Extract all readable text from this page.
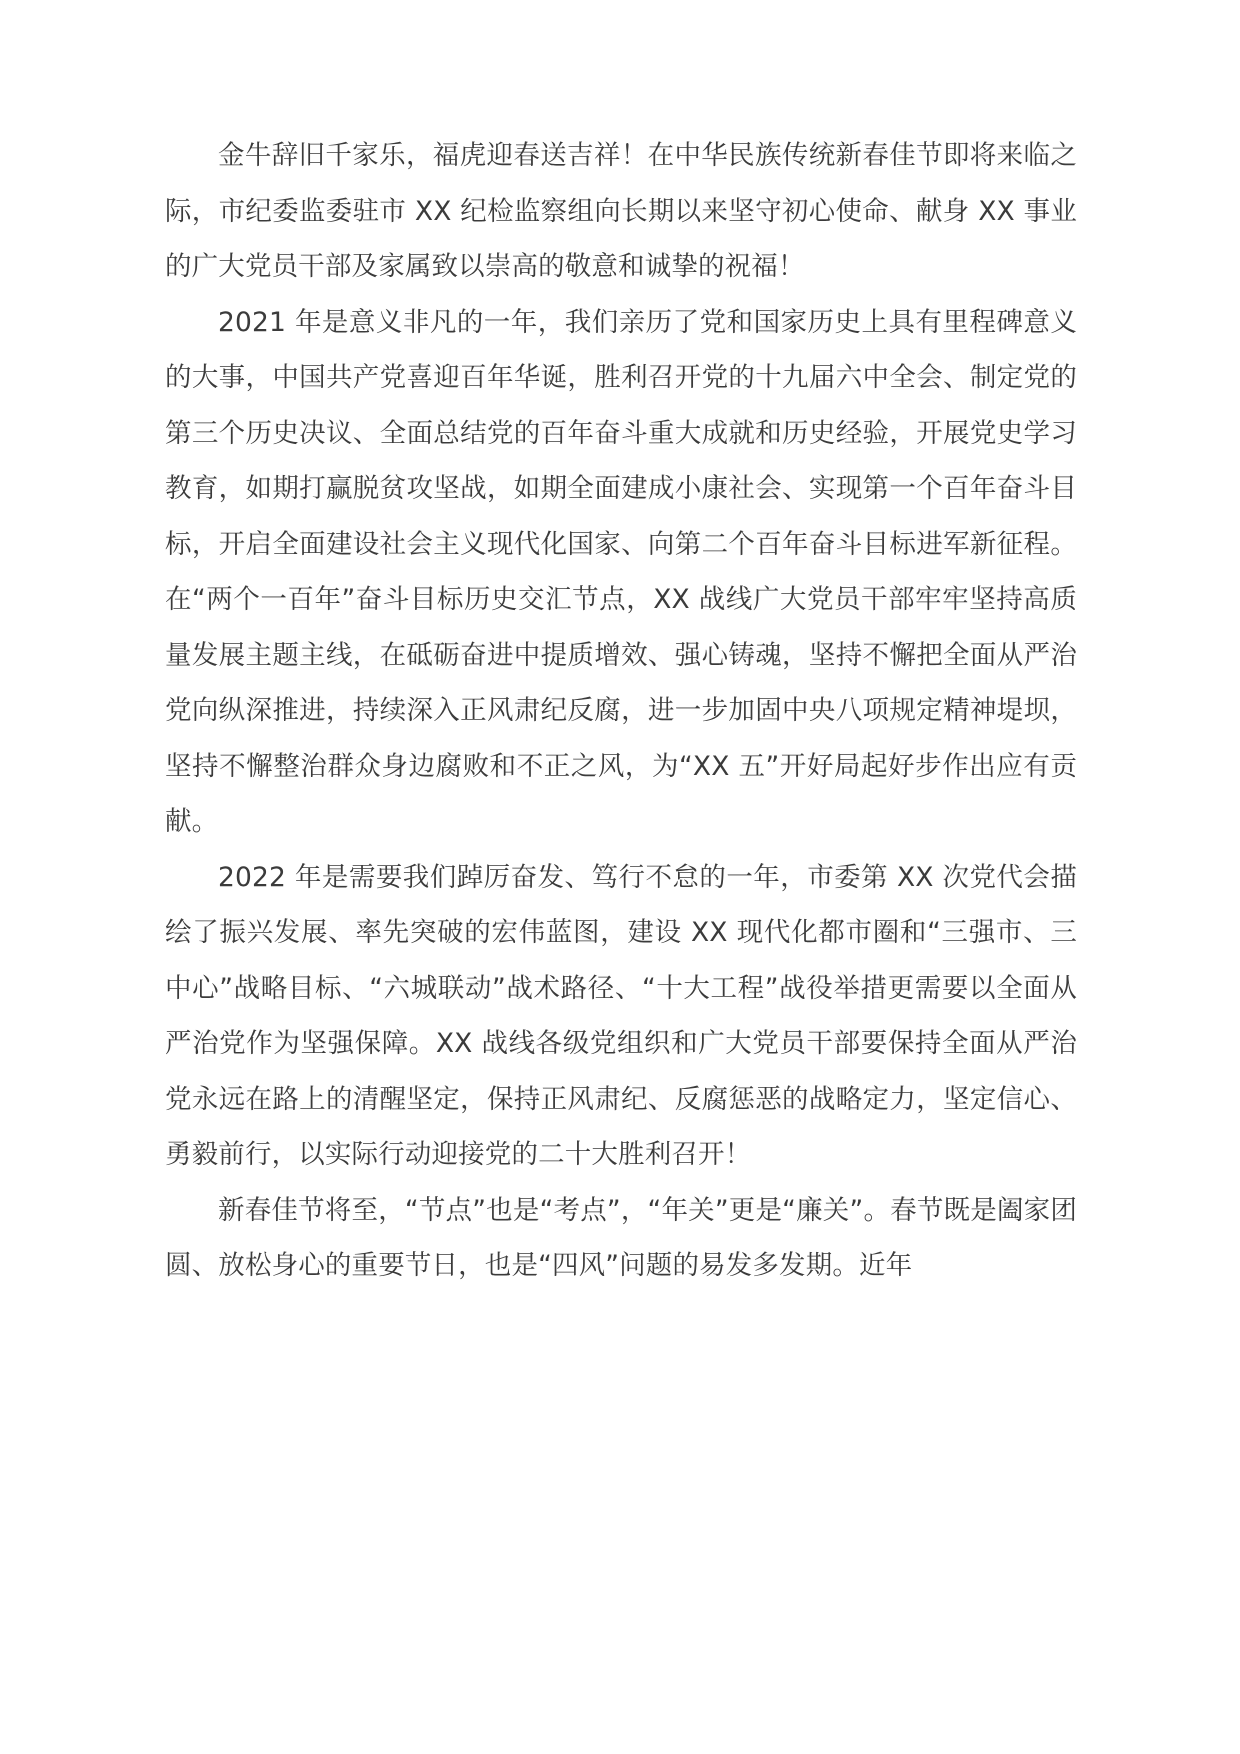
金牛辞旧千家乐，福虎迎春送吉祥！在中华民族传统新春佳节即将来临之际，市纪委监委驻市 XX 纪检监察组向长期以来坚守初心使命、献身 XX 事业的广大党员干部及家属致以崇高的敬意和诚挚的祝福！

2021 年是意义非凡的一年，我们亲历了党和国家历史上具有里程碑意义的大事，中国共产党喜迎百年华诞，胜利召开党的十九届六中全会、制定党的第三个历史决议、全面总结党的百年奋斗重大成就和历史经验，开展党史学习教育，如期打赢脱贫攻坚战，如期全面建成小康社会、实现第一个百年奋斗目标，开启全面建设社会主义现代化国家、向第二个百年奋斗目标进军新征程。在“两个一百年”奋斗目标历史交汇节点，XX 战线广大党员干部牢牢坚持高质量发展主题主线，在砥砺奋进中提质增效、强心铸魂，坚持不懈把全面从严治党向纵深推进，持续深入正风肃纪反腐，进一步加固中央八项规定精神堤坝，坚持不懈整治群众身边腐败和不正之风，为“XX 五”开好局起好步作出应有贡献。

2022 年是需要我们踔厉奋发、笃行不怠的一年，市委第 XX 次党代会描绘了振兴发展、率先突破的宏伟蓝图，建设 XX 现代化都市圈和“三强市、三中心”战略目标、“六城联动”战术路径、“十大工程”战役举措更需要以全面从严治党作为坚强保障。XX 战线各级党组织和广大党员干部要保持全面从严治党永远在路上的清醒坚定，保持正风肃纪、反腐惩恶的战略定力，坚定信心、勇毅前行，以实际行动迎接党的二十大胜利召开！

新春佳节将至，“节点”也是“考点”，“年关”更是“廉关”。春节既是阖家团圆、放松身心的重要节日，也是“四风”问题的易发多发期。近年
